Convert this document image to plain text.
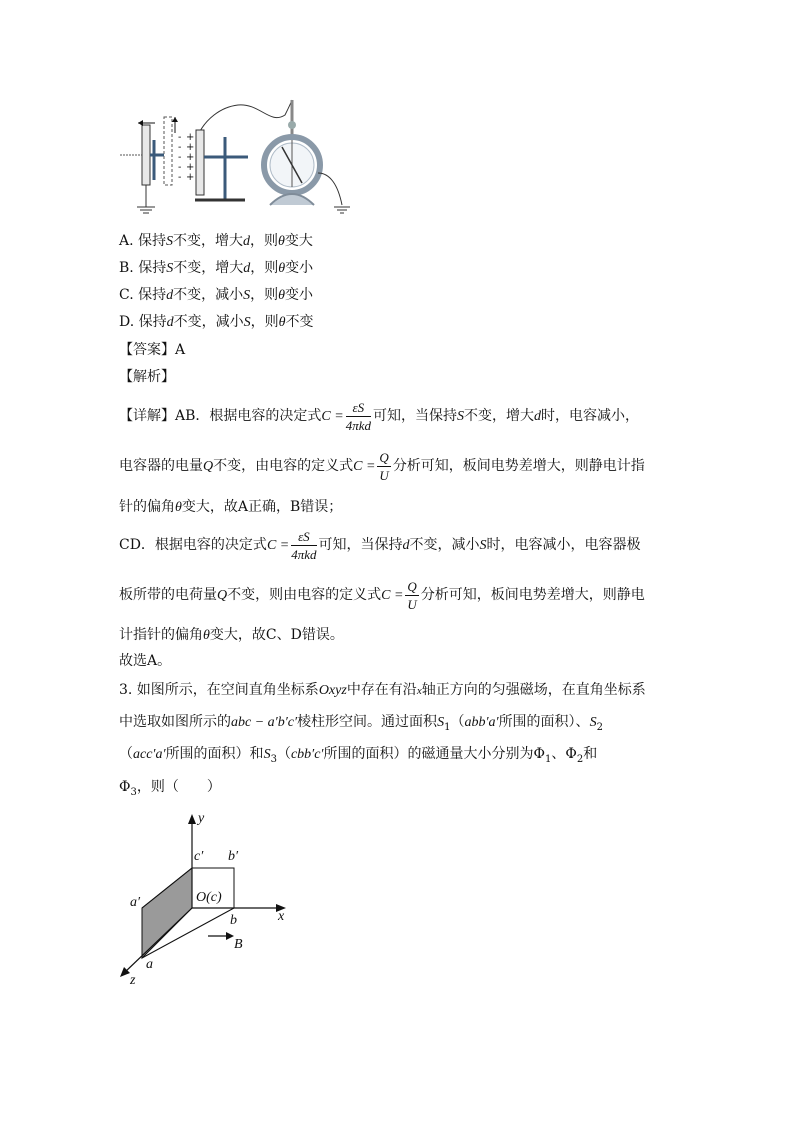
-
-
-
-
-
+
+
+
+
+
A. 保持S不变，增大d，则θ变大
B. 保持S不变，增大d，则θ变小
C. 保持d不变，减小S，则θ变小
D. 保持d不变，减小S，则θ不变
【答案】A
【解析】
【详解】AB．根据电容的决定式$C = \frac{\varepsilon S}{\text{4πkd}}$ 可知，当保持S不变，增大d时，电容减小，
电容器的电量Q不变，由电容的定义式$C = \frac{Q}{U}$ 分析可知，板间电势差增大，则静电计指
针的偏角θ变大，故A正确，B错误；
CD．根据电容的决定式$C = \frac{\varepsilon S}{\text{4πkd}}$ 可知，当保持d不变，减小S时，电容减小，电容器极
板所带的电荷量Q不变，则由电容的定义式$C = \frac{Q}{U}$ 分析可知，板间电势差增大，则静电
计指针的偏角θ变大，故C、D错误。
故选A。
3. 如图所示，在空间直角坐标系Oxyz中存在有沿x轴正方向的匀强磁场，在直角坐标系
中选取如图所示的abc − a′b′c′棱柱形空间。通过面积$S_1(abb'a'$所围的面积）、$S_2$
（acc′a′所围的面积）和$S_3(cbb'c'$所围的面积）的磁通量大小分别为$\Phi_1$、$\Phi_2$和
$\Phi_3$，则（　　）
y
x
z
c′ b′
a′	O(c)
b
a
B
